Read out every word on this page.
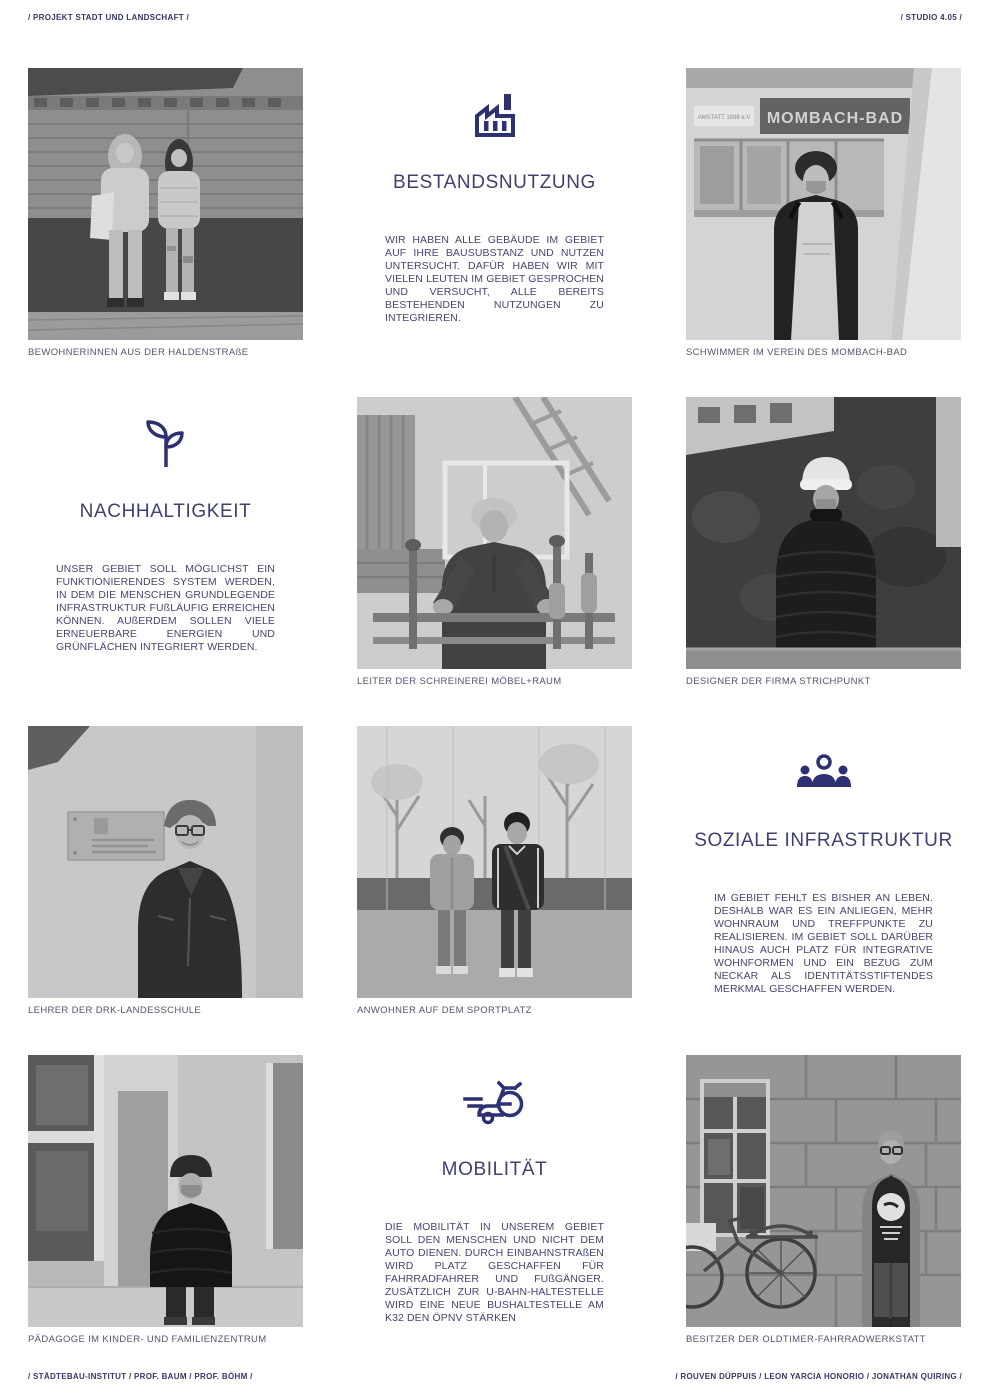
/ PROJEKT STADT UND LANDSCHAFT /	/ STUDIO 4.05 /
BEWOHNERINNEN AUS DER HALDENSTRAßE
BESTANDSNUTZUNG
WIR HABEN ALLE GEBÄUDE IM GEBIET AUF IHRE BAUSUBSTANZ UND NUTZEN UNTERSUCHT. DAFÜR HABEN WIR MIT VIELEN LEUTEN IM GEBIET GESPROCHEN UND VERSUCHT, ALLE BEREITS BESTEHENDEN NUTZUNGEN ZU INTEGRIEREN.
MOMBACH-BAD
AMSTATT 1898 e.V
SCHWIMMER IM VEREIN DES MOMBACH-BAD
NACHHALTIGKEIT
UNSER GEBIET SOLL MÖGLICHST EIN FUNKTIONIERENDES SYSTEM WERDEN, IN DEM DIE MENSCHEN GRUNDLEGENDE INFRASTRUKTUR FUßLÄUFIG ERREICHEN KÖNNEN. AUßERDEM SOLLEN VIELE ERNEUERBARE ENERGIEN UND GRÜNFLÄCHEN INTEGRIERT WERDEN.
LEITER DER SCHREINEREI MÖBEL+RAUM	DESIGNER DER FIRMA STRICHPUNKT
LEHRER DER DRK-LANDESSCHULE	ANWOHNER AUF DEM SPORTPLATZ
SOZIALE INFRASTRUKTUR
IM GEBIET FEHLT ES BISHER AN LEBEN. DESHALB WAR ES EIN ANLIEGEN, MEHR WOHNRAUM UND TREFFPUNKTE ZU REALISIEREN. IM GEBIET SOLL DARÜBER HINAUS AUCH PLATZ FÜR INTEGRATIVE WOHNFORMEN UND EIN BEZUG ZUM NECKAR ALS IDENTITÄTSSTIFTENDES MERKMAL GESCHAFFEN WERDEN.
PÄDAGOGE IM KINDER- UND FAMILIENZENTRUM
MOBILITÄT
DIE MOBILITÄT IN UNSEREM GEBIET SOLL DEN MENSCHEN UND NICHT DEM AUTO DIENEN. DURCH EINBAHNSTRAßEN WIRD PLATZ GESCHAFFEN FÜR FAHRRADFAHRER UND FUßGÄNGER. ZUSÄTZLICH ZUR U-BAHN-HALTESTELLE WIRD EINE NEUE BUSHALTESTELLE AM K32 DEN ÖPNV STÄRKEN
BESITZER DER OLDTIMER-FAHRRADWERKSTATT
/ STÄDTEBAU-INSTITUT / PROF. BAUM / PROF. BÖHM /	/ ROUVEN DÜPPUIS / LEON YARCIA HONORIO / JONATHAN QUIRING /
